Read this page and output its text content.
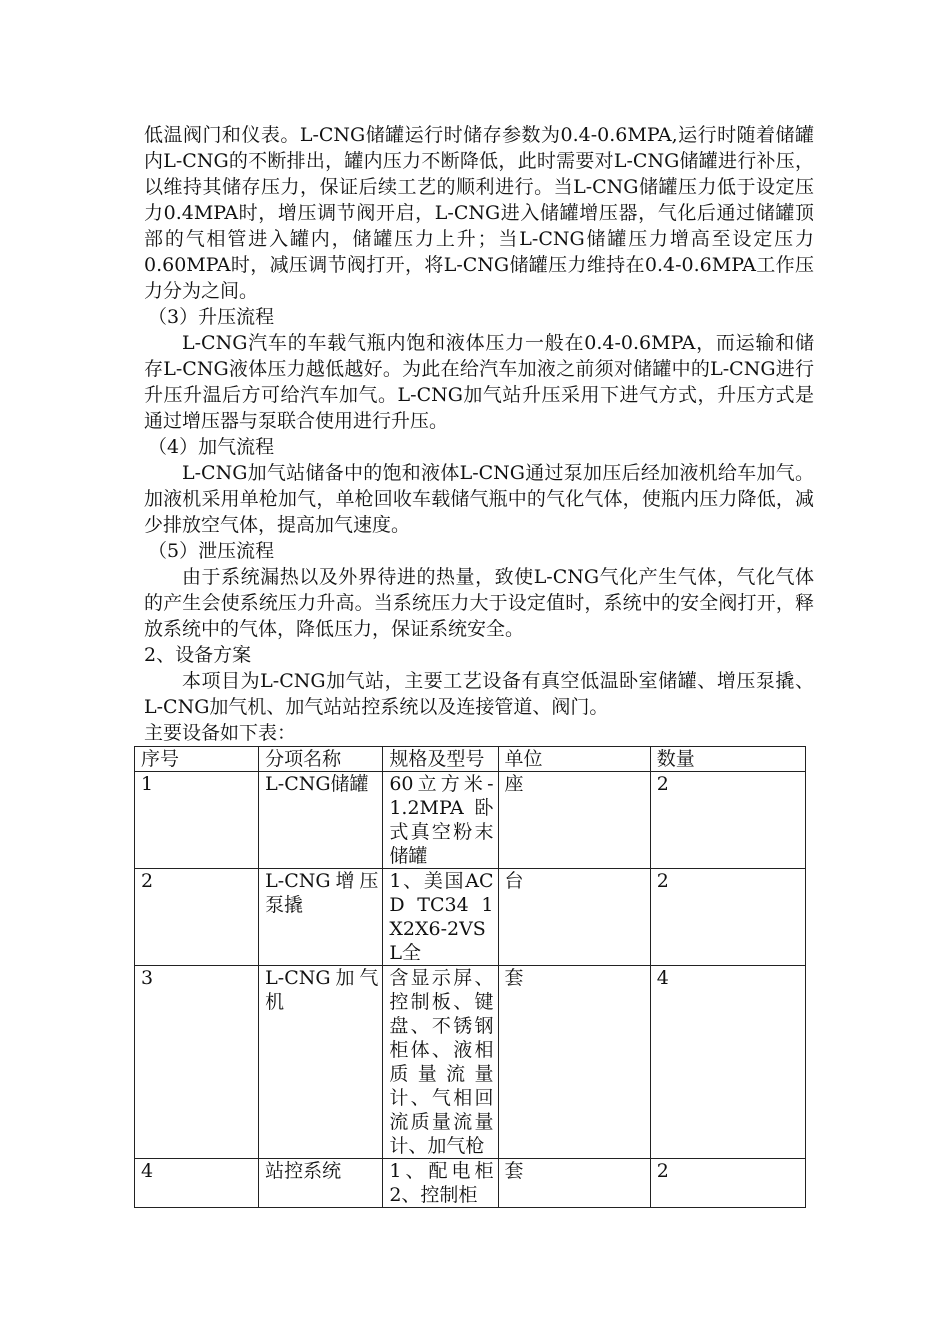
低温阀门和仪表。L-CNG储罐运行时储存参数为0.4-0.6MPA,运行时随着储罐内L-CNG的不断排出，罐内压力不断降低，此时需要对L-CNG储罐进行补压，以维持其储存压力，保证后续工艺的顺利进行。当L-CNG储罐压力低于设定压力0.4MPA时，增压调节阀开启，L-CNG进入储罐增压器，气化后通过储罐顶部的气相管进入罐内，储罐压力上升；当L-CNG储罐压力增高至设定压力0.60MPA时，减压调节阀打开，将L-CNG储罐压力维持在0.4-0.6MPA工作压力分为之间。

（3）升压流程

L-CNG汽车的车载气瓶内饱和液体压力一般在0.4-0.6MPA，而运输和储存L-CNG液体压力越低越好。为此在给汽车加液之前须对储罐中的L-CNG进行升压升温后方可给汽车加气。L-CNG加气站升压采用下进气方式，升压方式是通过增压器与泵联合使用进行升压。

（4）加气流程

L-CNG加气站储备中的饱和液体L-CNG通过泵加压后经加液机给车加气。加液机采用单枪加气，单枪回收车载储气瓶中的气化气体，使瓶内压力降低，减少排放空气体，提高加气速度。

（5）泄压流程

由于系统漏热以及外界待进的热量，致使L-CNG气化产生气体，气化气体的产生会使系统压力升高。当系统压力大于设定值时，系统中的安全阀打开，释放系统中的气体，降低压力，保证系统安全。

2、设备方案

本项目为L-CNG加气站，主要工艺设备有真空低温卧室储罐、增压泵撬、L-CNG加气机、加气站站控系统以及连接管道、阀门。

主要设备如下表：

序号	分项名称	规格及型号	单位	数量
1	L-CNG储罐	60立方米-1.2MPA卧式真空粉末储罐	座	2
2	L-CNG增压泵撬	1、美国ACD TC34 1X2X6-2VSL全	台	2
3	L-CNG加气机	含显示屏、控制板、键盘、不锈钢柜体、液相质量流量计、气相回流质量流量计、加气枪	套	4
4	站控系统	1、配电柜 2、控制柜	套	2
